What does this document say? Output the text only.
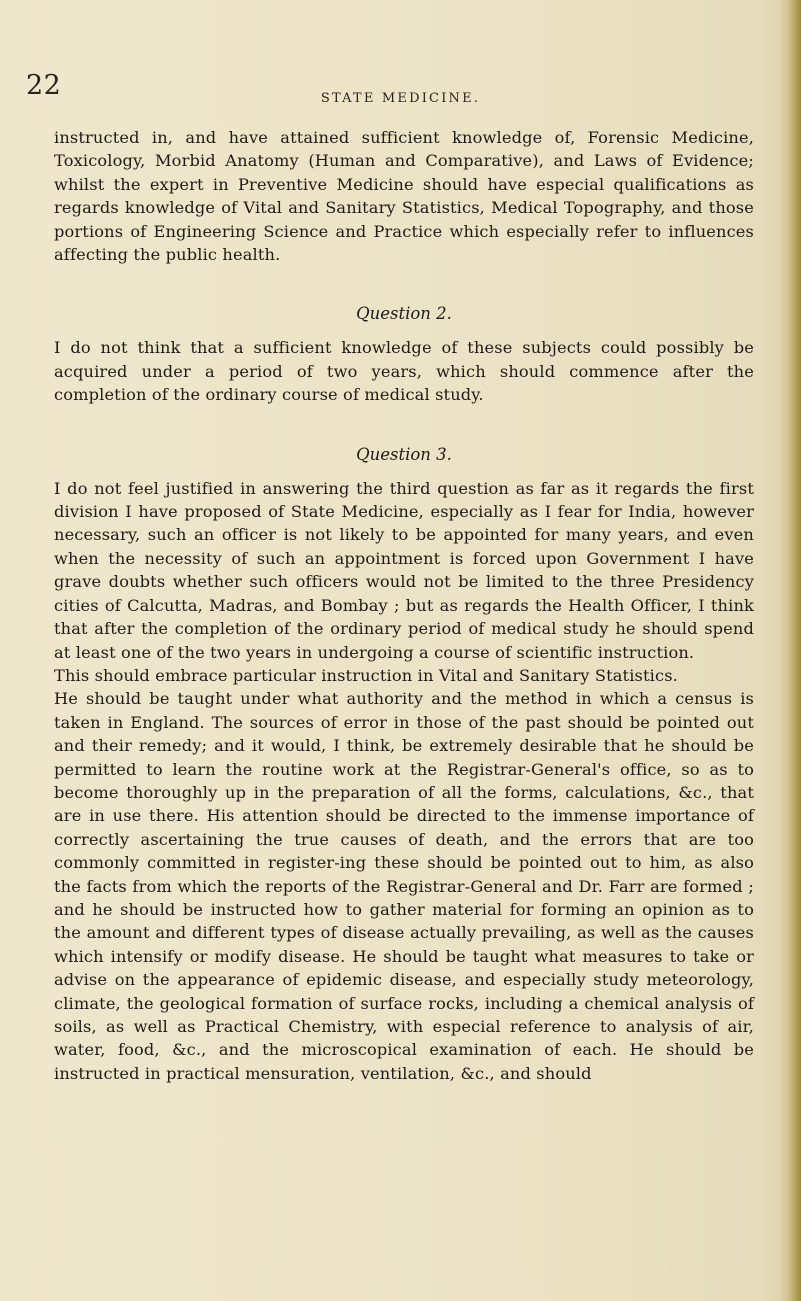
22	STATE MEDICINE.

instructed in, and have attained sufficient knowledge of, Forensic Medicine, Toxicology, Morbid Anatomy (Human and Comparative), and Laws of Evidence; whilst the expert in Preventive Medicine should have especial qualifications as regards knowledge of Vital and Sanitary Statistics, Medical Topography, and those portions of Engineering Science and Practice which especially refer to influences affecting the public health.

Question 2.

I do not think that a sufficient knowledge of these subjects could possibly be acquired under a period of two years, which should commence after the completion of the ordinary course of medical study.

Question 3.

I do not feel justified in answering the third question as far as it regards the first division I have proposed of State Medicine, especially as I fear for India, however necessary, such an officer is not likely to be appointed for many years, and even when the necessity of such an appointment is forced upon Government I have grave doubts whether such officers would not be limited to the three Presidency cities of Calcutta, Madras, and Bombay ; but as regards the Health Officer, I think that after the completion of the ordinary period of medical study he should spend at least one of the two years in undergoing a course of scientific instruction.

This should embrace particular instruction in Vital and Sanitary Statistics.

He should be taught under what authority and the method in which a census is taken in England. The sources of error in those of the past should be pointed out and their remedy; and it would, I think, be extremely desirable that he should be permitted to learn the routine work at the Registrar-General's office, so as to become thoroughly up in the preparation of all the forms, calculations, &c., that are in use there. His attention should be directed to the immense importance of correctly ascertaining the true causes of death, and the errors that are too commonly committed in register-ing these should be pointed out to him, as also the facts from which the reports of the Registrar-General and Dr. Farr are formed ; and he should be instructed how to gather material for forming an opinion as to the amount and different types of disease actually prevailing, as well as the causes which intensify or modify disease. He should be taught what measures to take or advise on the appearance of epidemic disease, and especially study meteorology, climate, the geological formation of surface rocks, including a chemical analysis of soils, as well as Practical Chemistry, with especial reference to analysis of air, water, food, &c., and the microscopical examination of each. He should be instructed in practical mensuration, ventilation, &c., and should
